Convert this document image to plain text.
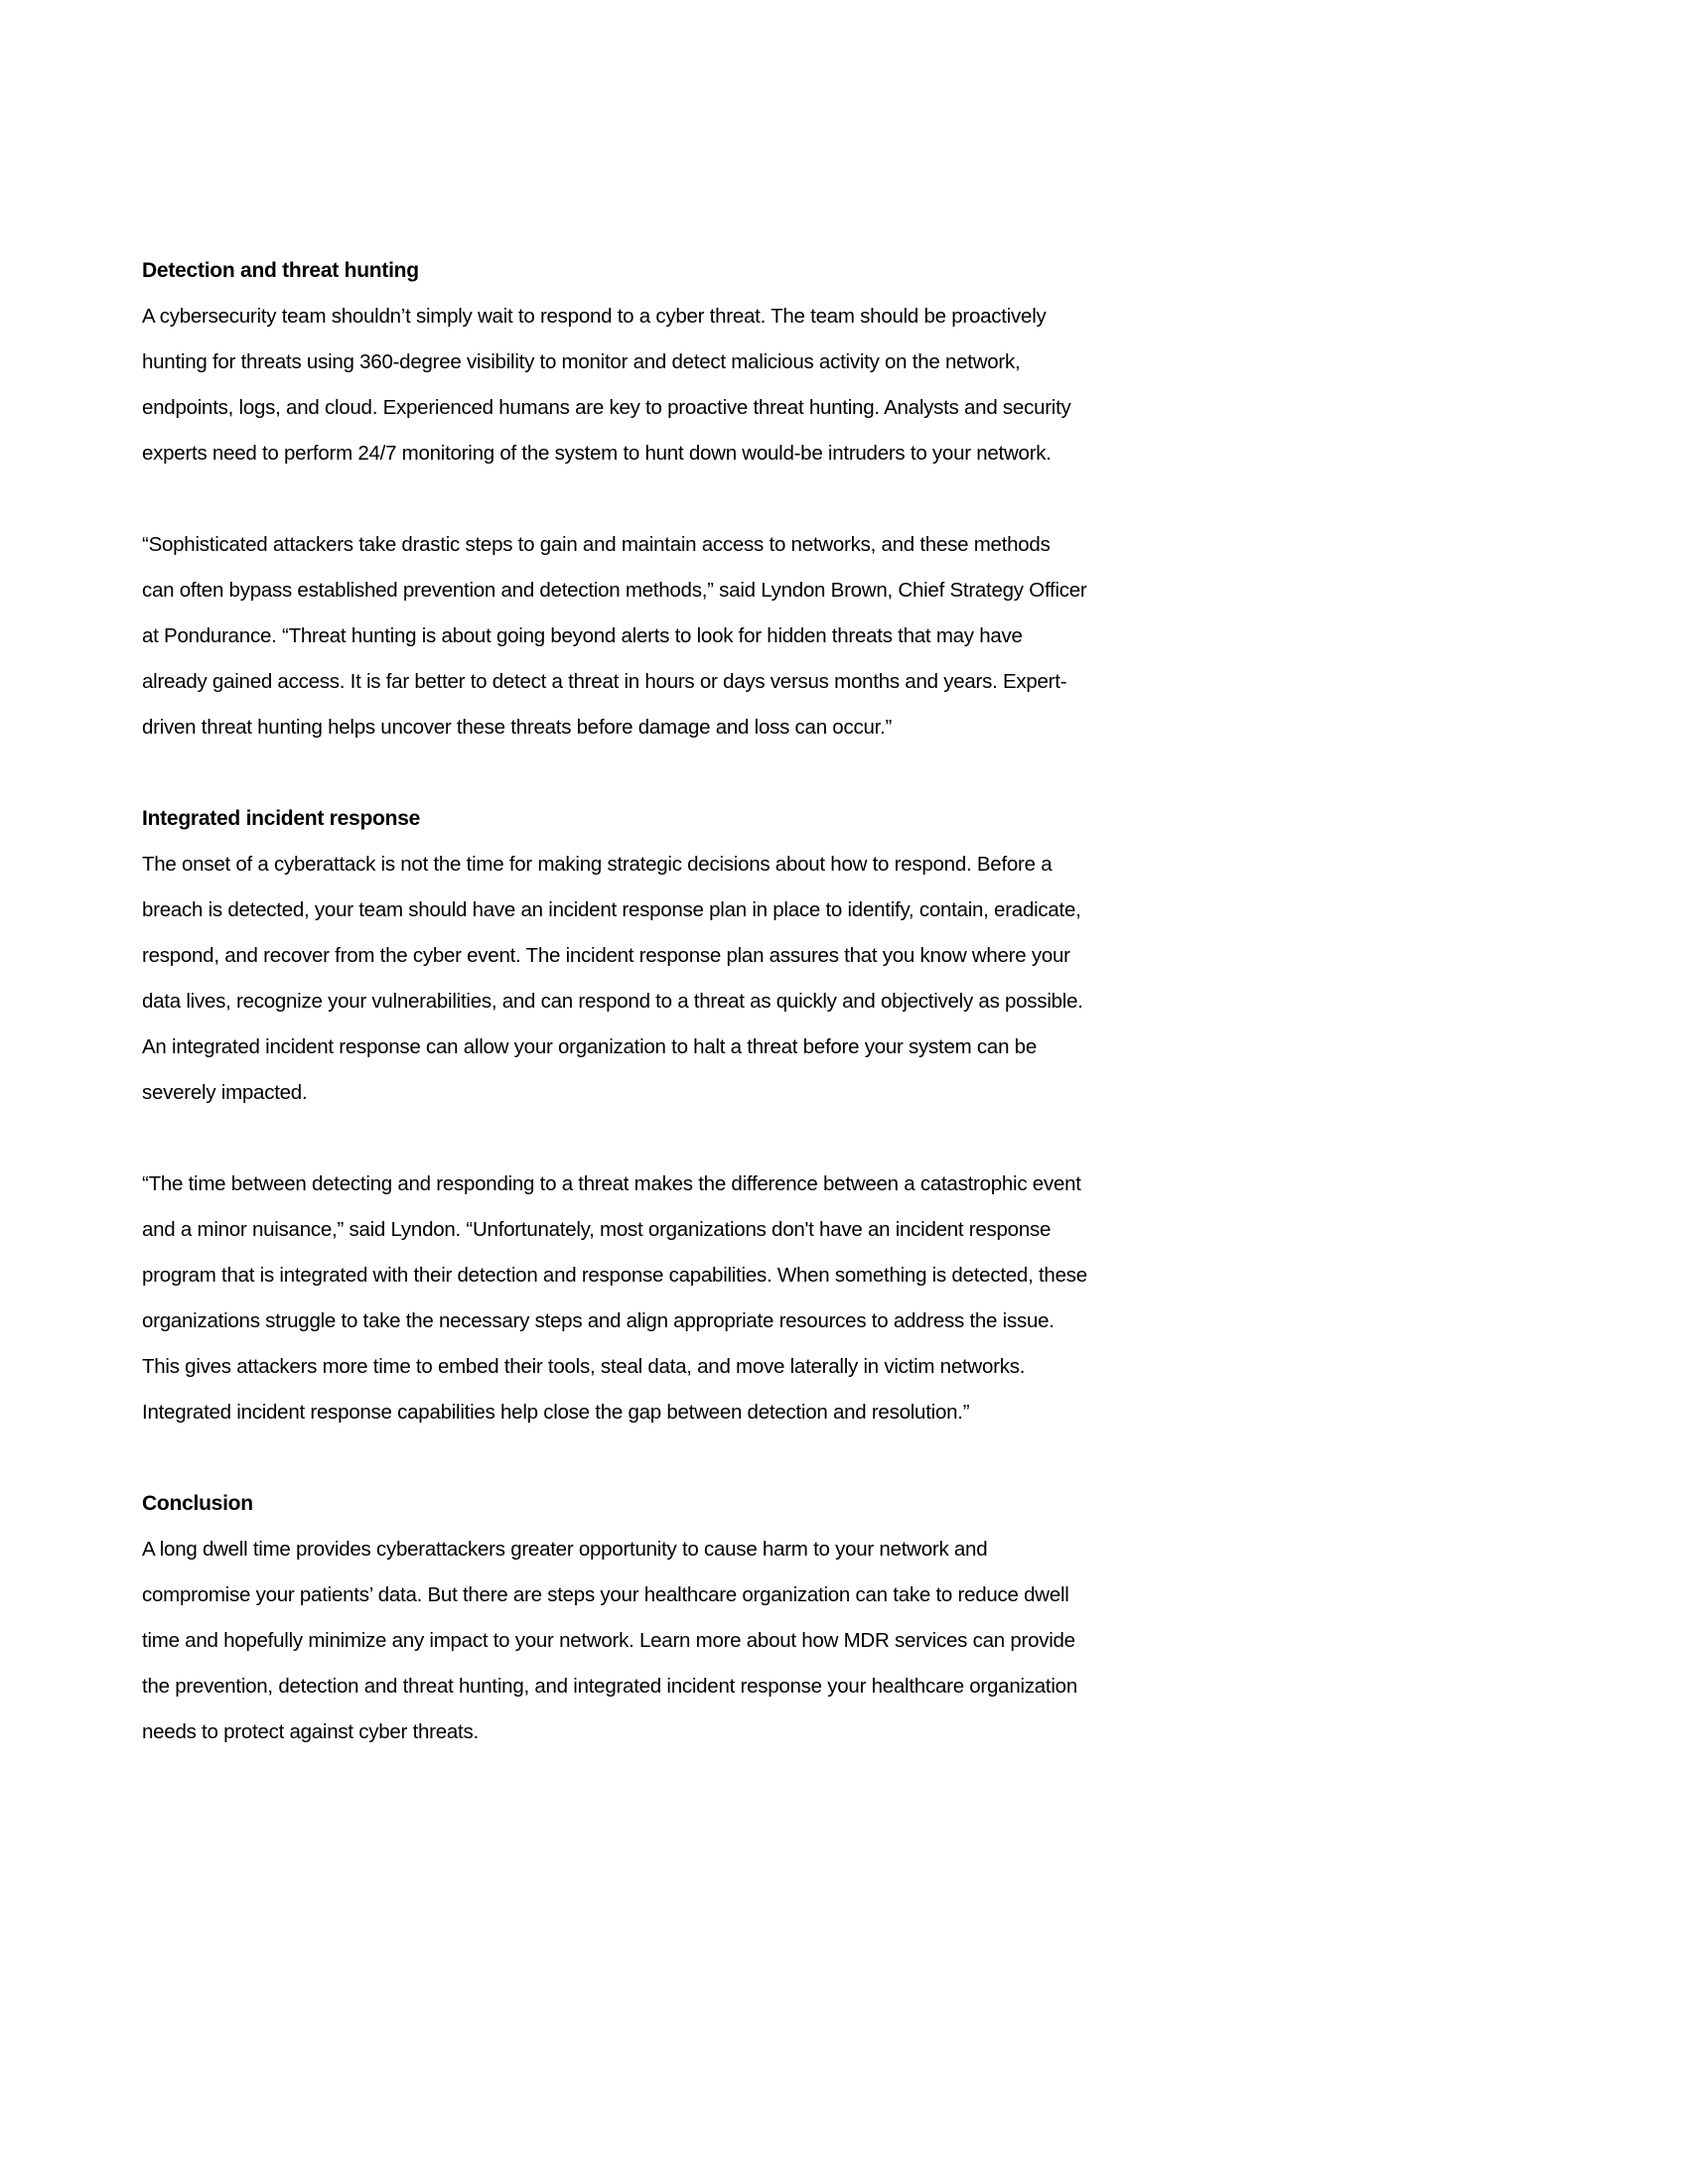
Detection and threat hunting

A cybersecurity team shouldn’t simply wait to respond to a cyber threat. The team should be proactively hunting for threats using 360-degree visibility to monitor and detect malicious activity on the network, endpoints, logs, and cloud. Experienced humans are key to proactive threat hunting. Analysts and security experts need to perform 24/7 monitoring of the system to hunt down would-be intruders to your network.

“Sophisticated attackers take drastic steps to gain and maintain access to networks, and these methods can often bypass established prevention and detection methods,” said Lyndon Brown, Chief Strategy Officer at Pondurance. “Threat hunting is about going beyond alerts to look for hidden threats that may have already gained access. It is far better to detect a threat in hours or days versus months and years. Expert-driven threat hunting helps uncover these threats before damage and loss can occur.”

Integrated incident response

The onset of a cyberattack is not the time for making strategic decisions about how to respond. Before a breach is detected, your team should have an incident response plan in place to identify, contain, eradicate, respond, and recover from the cyber event. The incident response plan assures that you know where your data lives, recognize your vulnerabilities, and can respond to a threat as quickly and objectively as possible. An integrated incident response can allow your organization to halt a threat before your system can be severely impacted.

“The time between detecting and responding to a threat makes the difference between a catastrophic event and a minor nuisance,” said Lyndon. “Unfortunately, most organizations don't have an incident response program that is integrated with their detection and response capabilities. When something is detected, these organizations struggle to take the necessary steps and align appropriate resources to address the issue. This gives attackers more time to embed their tools, steal data, and move laterally in victim networks. Integrated incident response capabilities help close the gap between detection and resolution.”

Conclusion

A long dwell time provides cyberattackers greater opportunity to cause harm to your network and compromise your patients’ data. But there are steps your healthcare organization can take to reduce dwell time and hopefully minimize any impact to your network. Learn more about how MDR services can provide the prevention, detection and threat hunting, and integrated incident response your healthcare organization needs to protect against cyber threats.
